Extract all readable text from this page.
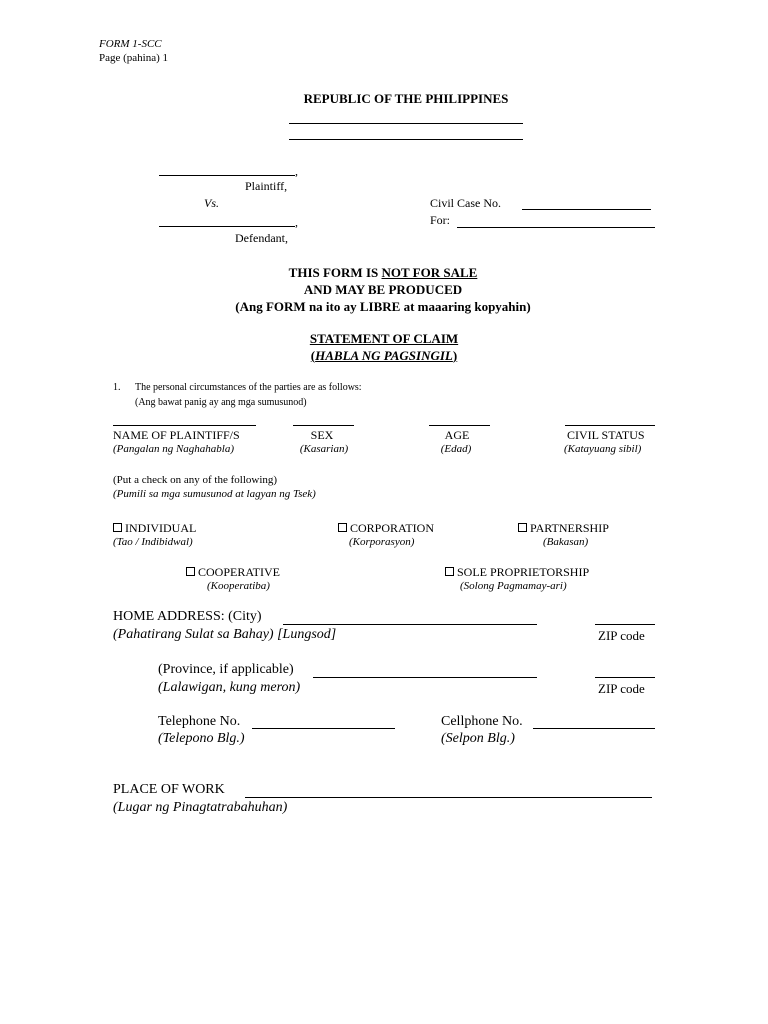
FORM 1-SCC
Page (pahina) 1
REPUBLIC OF THE PHILIPPINES
,
Plaintiff,
Vs.
,
Defendant,
Civil Case No.
For:
THIS FORM IS NOT FOR SALE
AND MAY BE PRODUCED
(Ang FORM na ito ay LIBRE at maaaring kopyahin)
STATEMENT OF CLAIM
(HABLA NG PAGSINGIL)
1. The personal circumstances of the parties are as follows:
(Ang bawat panig ay ang mga sumusunod)
NAME OF PLAINTIFF/S
(Pangalan ng Naghahabla)
SEX
(Kasarian)
AGE
(Edad)
CIVIL STATUS
(Katayuang sibil)
(Put a check on any of the following)
(Pumili sa mga sumusunod at lagyan ng Tsek)
INDIVIDUAL
(Tao / Indibidwal)
CORPORATION
(Korporasyon)
PARTNERSHIP
(Bakasan)
COOPERATIVE
(Kooperatiba)
SOLE PROPRIETORSHIP
(Solong Pagmamay-ari)
HOME ADDRESS: (City)
(Pahatirang Sulat sa Bahay) [Lungsod]	ZIP code
(Province, if applicable)
(Lalawigan, kung meron)	ZIP code
Telephone No.
(Telepono Blg.)
Cellphone No.
(Selpon Blg.)
PLACE OF WORK
(Lugar ng Pinagtatrabahuhan)
